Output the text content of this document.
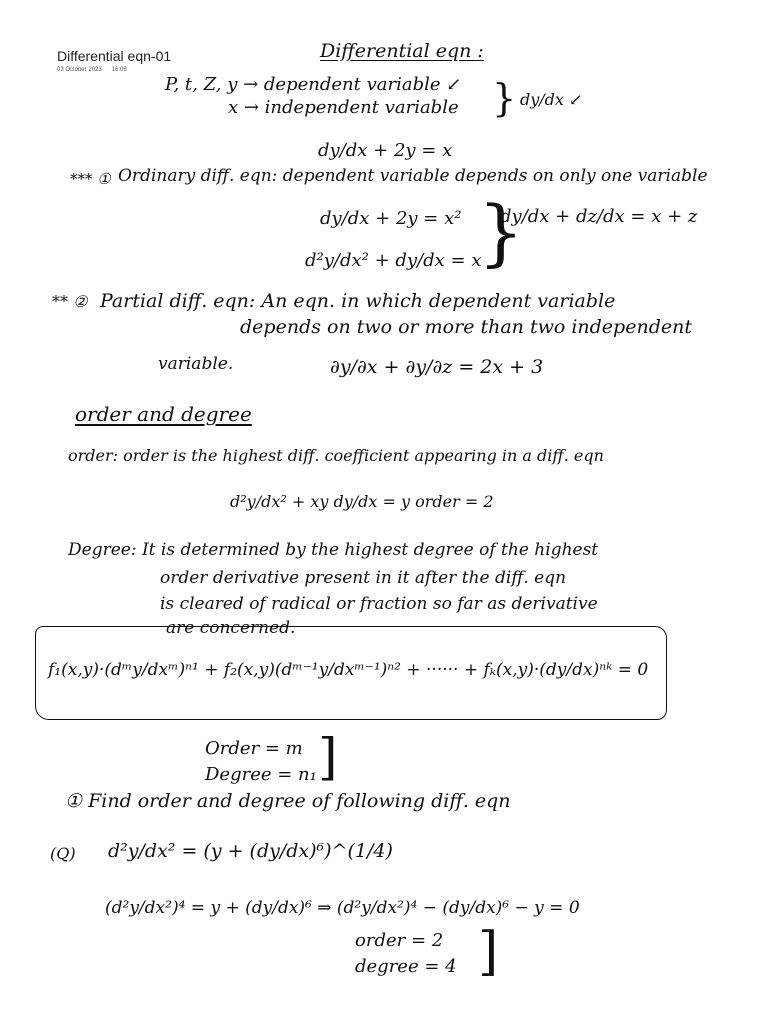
Differential eqn-01
03 October 2023 16:08
Differential eqn :
P, t, Z, y → dependent variable ↙
x → independent variable } dy/dx ↙
dy/dx + 2y = x
*** ① Ordinary diff. eqn: dependent variable depends on only one variable
dy/dx + 2y = x²
d²y/dx² + dy/dx = x
}
dy/dx + dz/dx = x + z
** ② Partial diff. eqn: An eqn. in which dependent variable
depends on two or more than two independent
variable.	∂y/∂x + ∂y/∂z = 2x + 3
order and degree
order: order is the highest diff. coefficient appearing in a diff. eqn
d²y/dx² + xy dy/dx = y order = 2
Degree: It is determined by the highest degree of the highest
order derivative present in it after the diff. eqn
is cleared of radical or fraction so far as derivative
are concerned.
f₁(x,y)·(dᵐy/dxᵐ)ⁿ¹ + f₂(x,y)(dᵐ⁻¹y/dxᵐ⁻¹)ⁿ² + ······ + fₖ(x,y)·(dy/dx)ⁿᵏ = 0
Order = m
Degree = n₁ ]
① Find order and degree of following diff. eqn
(Q) d²y/dx² = (y + (dy/dx)⁶)^(1/4)
(d²y/dx²)⁴ = y + (dy/dx)⁶ ⇒ (d²y/dx²)⁴ − (dy/dx)⁶ − y = 0
order = 2
degree = 4 ]
